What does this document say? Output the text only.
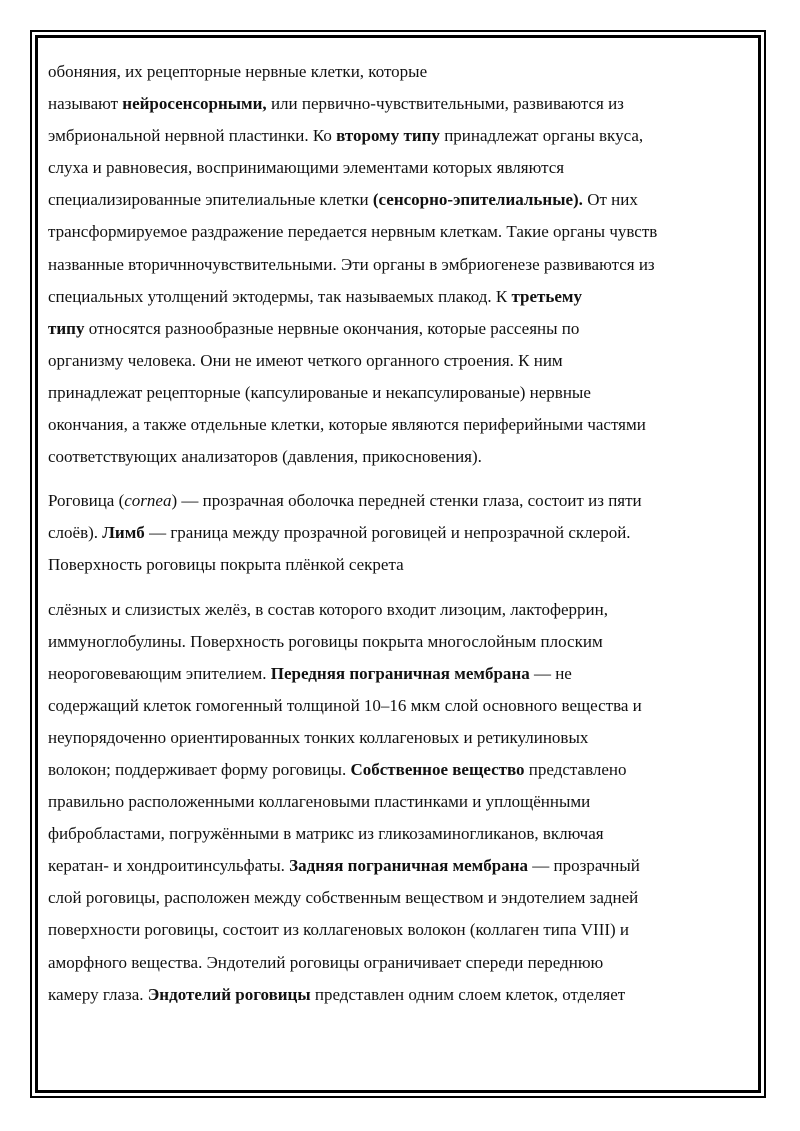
обоняния, их рецепторные нервные клетки, которые
называют нейросенсорными, или первично-чувствительными, развиваются из
эмбриональной нервной пластинки. Ко второму типу принадлежат органы вкуса,
слуха и равновесия, воспринимающими элементами которых являются
специализированные эпителиальные клетки (сенсорно-эпителиальные). От них
трансформируемое раздражение передается нервным клеткам. Такие органы чувств
названные вторичнночувствительными. Эти органы в эмбриогенезе развиваются из
специальных утолщений эктодермы, так называемых плакод. К третьему
типу относятся разнообразные нервные окончания, которые рассеяны по
организму человека. Они не имеют четкого органного строения. К ним
принадлежат рецепторные (капсулированые и некапсулированые) нервные
окончания, а также отдельные клетки, которые являются периферийными частями
соответствующих анализаторов (давления, прикосновения).
Роговица (cornea) — прозрачная оболочка передней стенки глаза, состоит из пяти
слоёв). Лимб — граница между прозрачной роговицей и непрозрачной склерой.
Поверхность роговицы покрыта плёнкой секрета
слёзных и слизистых желёз, в состав которого входит лизоцим, лактоферрин,
иммуноглобулины. Поверхность роговицы покрыта многослойным плоским
неороговевающим эпителием. Передняя пограничная мембрана — не
содержащий клеток гомогенный толщиной 10–16 мкм слой основного вещества и
неупорядоченно ориентированных тонких коллагеновых и ретикулиновых
волокон; поддерживает форму роговицы. Собственное вещество представлено
правильно расположенными коллагеновыми пластинками и уплощёнными
фибробластами, погружёнными в матрикс из гликозаминогликанов, включая
кератан- и хондроитинсульфаты. Задняя пограничная мембрана — прозрачный
слой роговицы, расположен между собственным веществом и эндотелием задней
поверхности роговицы, состоит из коллагеновых волокон (коллаген типа VIII) и
аморфного вещества. Эндотелий роговицы ограничивает спереди переднюю
камеру глаза. Эндотелий роговицы представлен одним слоем клеток, отделяет
